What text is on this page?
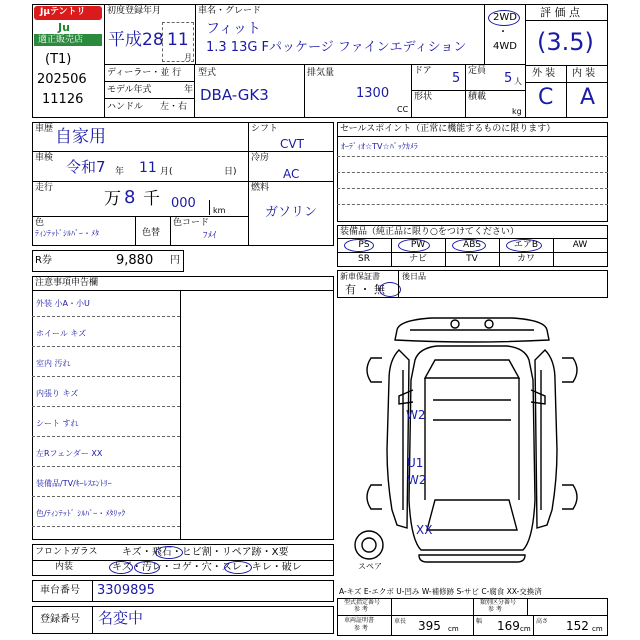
Jμテントリ
Ju
適正販売店
(T1)
202506
11126
初度登録年月
平成28 11
月
車名・グレード
フィット
1.3 13G Fパッケージ ファインエディション
2WD
・
4WD
評 価 点
(3.5)
外 装 内 装
C A
ディーラー・並 行
モデル年式	年
ハンドル 左・右
型式
DBA-GK3
排気量
1300
CC
ドア 5
形状
定員 5 人
積載
kg
車歴 自家用
車検 令和7 年 11 月(	日)
走行
万 8 千 000 km
色
ﾃｨﾝﾃｯﾄﾞｼﾙﾊﾞｰ・ﾒﾀ	色替
色コード
ﾌﾒｲ
シフト
CVT
冷房
AC
燃料
ガソリン
R券	9,880 円
注意事項申告欄
外装 小A・小U
ホイール キズ
室内 汚れ
内張り キズ
シート すれ
左Rフェンダー XX
装備品/TV/ｷｰﾚｽｴﾝﾄﾘｰ
色/ﾃｨﾝﾃｯﾄﾞ ｼﾙﾊﾞｰ・ﾒﾀﾘｯｸ
セールスポイント（正常に機能するものに限ります）
ｵｰﾃﾞｨｵ☆TV☆ﾊﾞｯｸｶﾒﾗ
装備品（純正品に限り○をつけてください）
PS	PW	ABS	エアB	AW
SR	ナビ	TV	カワ
新車保証書
有 ・ 無
後日品
W2
U1
W2
XX
スペア
フロントガラス キズ・飛石・ヒビ割・リペア跡・X要
内装	キズ・汚レ・コゲ・穴・スレ・キレ・破レ
車台番号 3309895
登録番号 名変中
A-キズ E-エクボ U-凹み W-補修跡 S-サビ C-腐食 XX-交換済
型式指定番号
参 考
類別区分番号
参 考
車両証明書
参 考
車長 395 cm
幅 169 cm
高さ 152 cm
